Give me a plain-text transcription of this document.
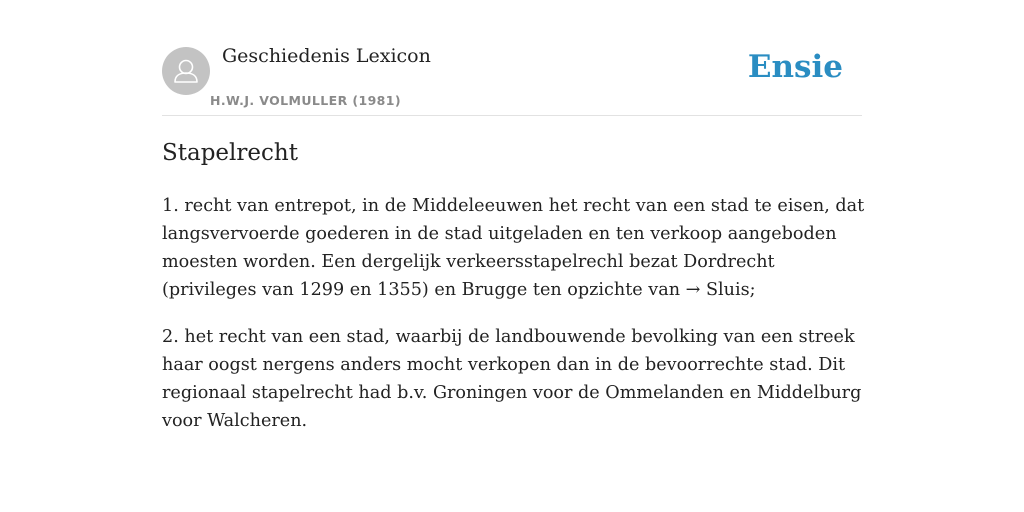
Geschiedenis Lexicon
H.W.J. VOLMULLER (1981)
Ensie
Stapelrecht

1. recht van entrepot, in de Middeleeuwen het recht van een stad te eisen, dat langsvervoerde goederen in de stad uitgeladen en ten verkoop aangeboden moesten worden. Een dergelijk verkeersstapelrechl bezat Dordrecht (privileges van 1299 en 1355) en Brugge ten opzichte van → Sluis;

2. het recht van een stad, waarbij de landbouwende bevolking van een streek haar oogst nergens anders mocht verkopen dan in de bevoorrechte stad. Dit regionaal stapelrecht had b.v. Groningen voor de Ommelanden en Middelburg voor Walcheren.
